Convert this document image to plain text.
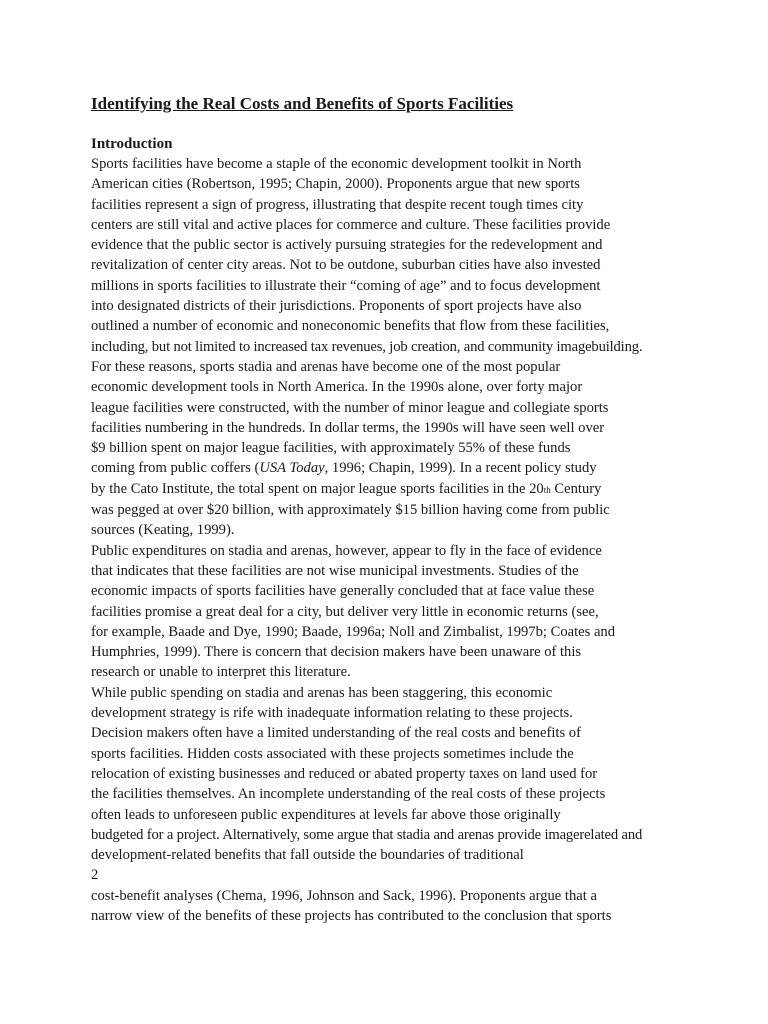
Identifying the Real Costs and Benefits of Sports Facilities
Introduction
Sports facilities have become a staple of the economic development toolkit in North
American cities (Robertson, 1995; Chapin, 2000). Proponents argue that new sports
facilities represent a sign of progress, illustrating that despite recent tough times city
centers are still vital and active places for commerce and culture. These facilities provide
evidence that the public sector is actively pursuing strategies for the redevelopment and
revitalization of center city areas. Not to be outdone, suburban cities have also invested
millions in sports facilities to illustrate their “coming of age” and to focus development
into designated districts of their jurisdictions. Proponents of sport projects have also
outlined a number of economic and noneconomic benefits that flow from these facilities,
including, but not limited to increased tax revenues, job creation, and community imagebuilding.
For these reasons, sports stadia and arenas have become one of the most popular
economic development tools in North America. In the 1990s alone, over forty major
league facilities were constructed, with the number of minor league and collegiate sports
facilities numbering in the hundreds. In dollar terms, the 1990s will have seen well over
$9 billion spent on major league facilities, with approximately 55% of these funds
coming from public coffers (USA Today, 1996; Chapin, 1999). In a recent policy study
by the Cato Institute, the total spent on major league sports facilities in the 20th Century
was pegged at over $20 billion, with approximately $15 billion having come from public
sources (Keating, 1999).
Public expenditures on stadia and arenas, however, appear to fly in the face of evidence
that indicates that these facilities are not wise municipal investments. Studies of the
economic impacts of sports facilities have generally concluded that at face value these
facilities promise a great deal for a city, but deliver very little in economic returns (see,
for example, Baade and Dye, 1990; Baade, 1996a; Noll and Zimbalist, 1997b; Coates and
Humphries, 1999). There is concern that decision makers have been unaware of this
research or unable to interpret this literature.
While public spending on stadia and arenas has been staggering, this economic
development strategy is rife with inadequate information relating to these projects.
Decision makers often have a limited understanding of the real costs and benefits of
sports facilities. Hidden costs associated with these projects sometimes include the
relocation of existing businesses and reduced or abated property taxes on land used for
the facilities themselves. An incomplete understanding of the real costs of these projects
often leads to unforeseen public expenditures at levels far above those originally
budgeted for a project. Alternatively, some argue that stadia and arenas provide imagerelated and
development-related benefits that fall outside the boundaries of traditional
2
cost-benefit analyses (Chema, 1996, Johnson and Sack, 1996). Proponents argue that a
narrow view of the benefits of these projects has contributed to the conclusion that sports
